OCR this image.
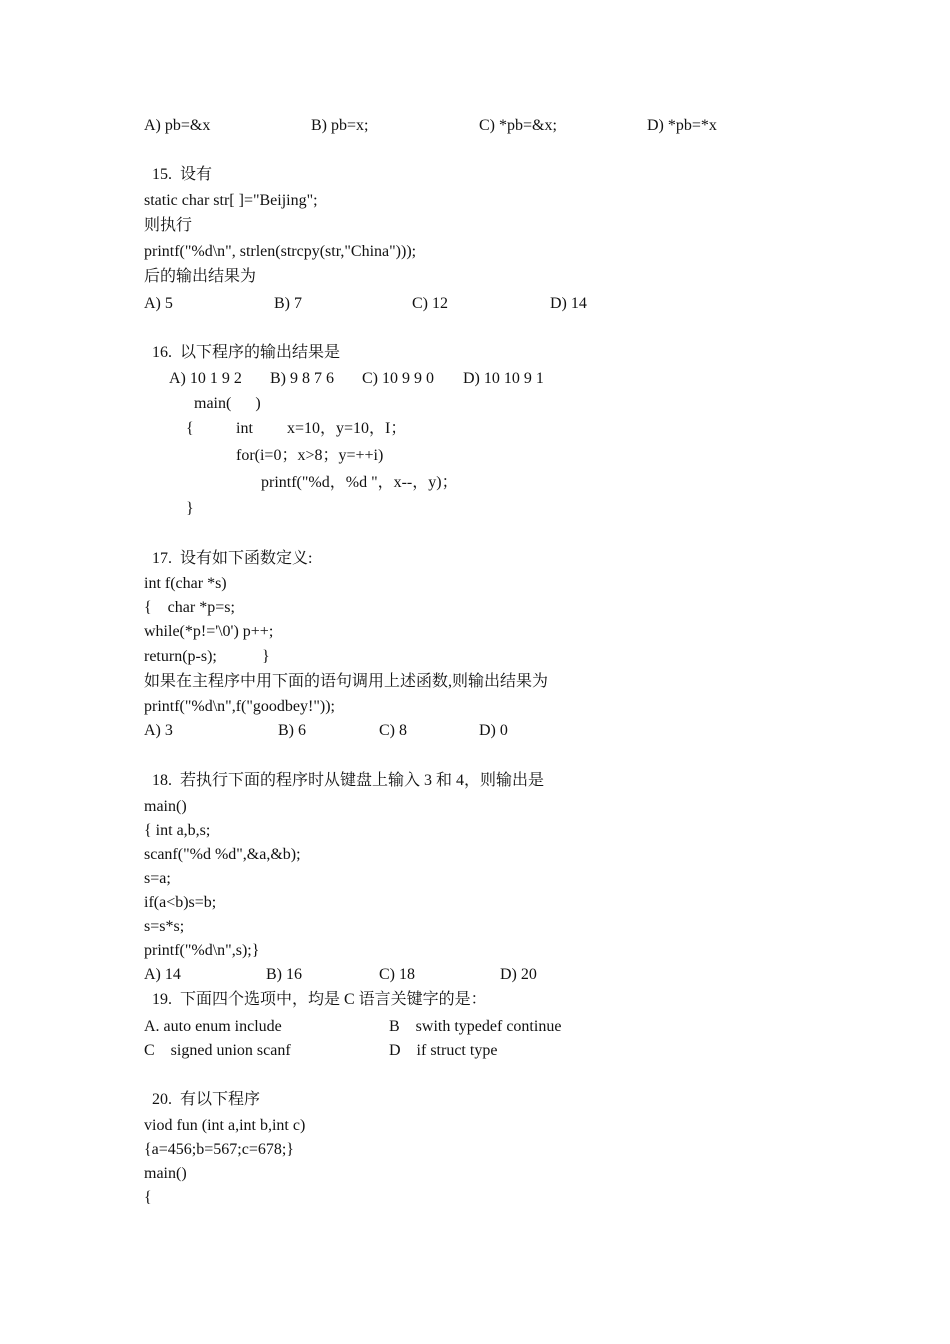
A) pb=&x	B) pb=x;	C) *pb=&x;	D) *pb=*x
15.  设有
static char str[ ]="Beijing";
则执行
printf("%d\n", strlen(strcpy(str,"China")));
后的输出结果为
A) 5	B) 7	C) 12	D) 14
16.  以下程序的输出结果是
A) 10 1 9 2 B) 9 8 7 6 C) 10 9 9 0 D) 10 10 9 1
main(      )
{	int x=10，y=10，I；
for(i=0；x>8；y=++i)
printf("%d，%d "，x--，y)；
}
17.  设有如下函数定义:
int f(char *s)
{    char *p=s;
while(*p!='\0') p++;
return(p-s);	}
如果在主程序中用下面的语句调用上述函数,则输出结果为
printf("%d\n",f("goodbey!"));
A) 3	B) 6	C) 8	D) 0
18.  若执行下面的程序时从键盘上输入 3 和 4，则输出是
main()
{ int a,b,s;
scanf("%d %d",&a,&b);
s=a;
if(a<b)s=b;
s=s*s;
printf("%d\n",s);}
A) 14	B) 16	C) 18	D) 20
19.  下面四个选项中，均是 C 语言关键字的是：
A. auto enum include	B    swith typedef continue
C    signed union scanf	D    if struct type
20.  有以下程序
viod fun (int a,int b,int c)
{a=456;b=567;c=678;}
main()
{
